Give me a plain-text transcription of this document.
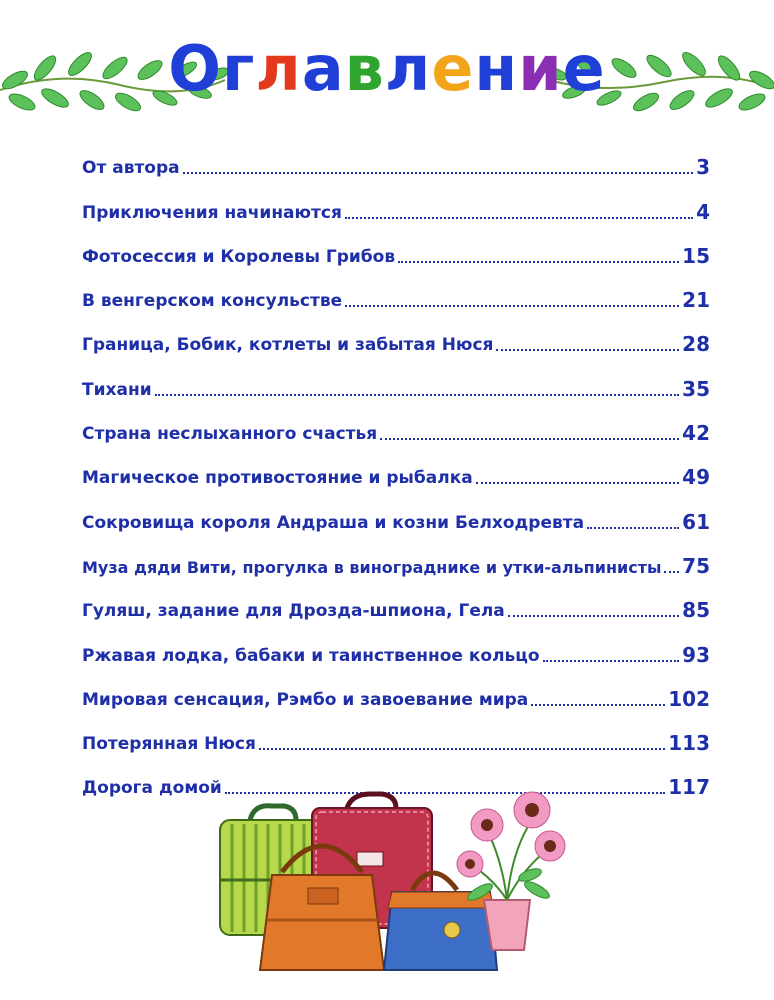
Оглавление
От автора	3
Приключения начинаются	4
Фотосессия и Королевы Грибов	15
В венгерском консульстве	21
Граница, Бобик, котлеты и забытая Нюся	28
Тихани	35
Страна неслыханного счастья	42
Магическое противостояние и рыбалка	49
Сокровища короля Андраша и козни Белходревта	61
Муза дяди Вити, прогулка в винограднике и утки-альпинисты 75
Гуляш, задание для Дрозда-шпиона, Гела	85
Ржавая лодка, бабаки и таинственное кольцо	93
Мировая сенсация, Рэмбо и завоевание мира	102
Потерянная Нюся	113
Дорога домой	117
